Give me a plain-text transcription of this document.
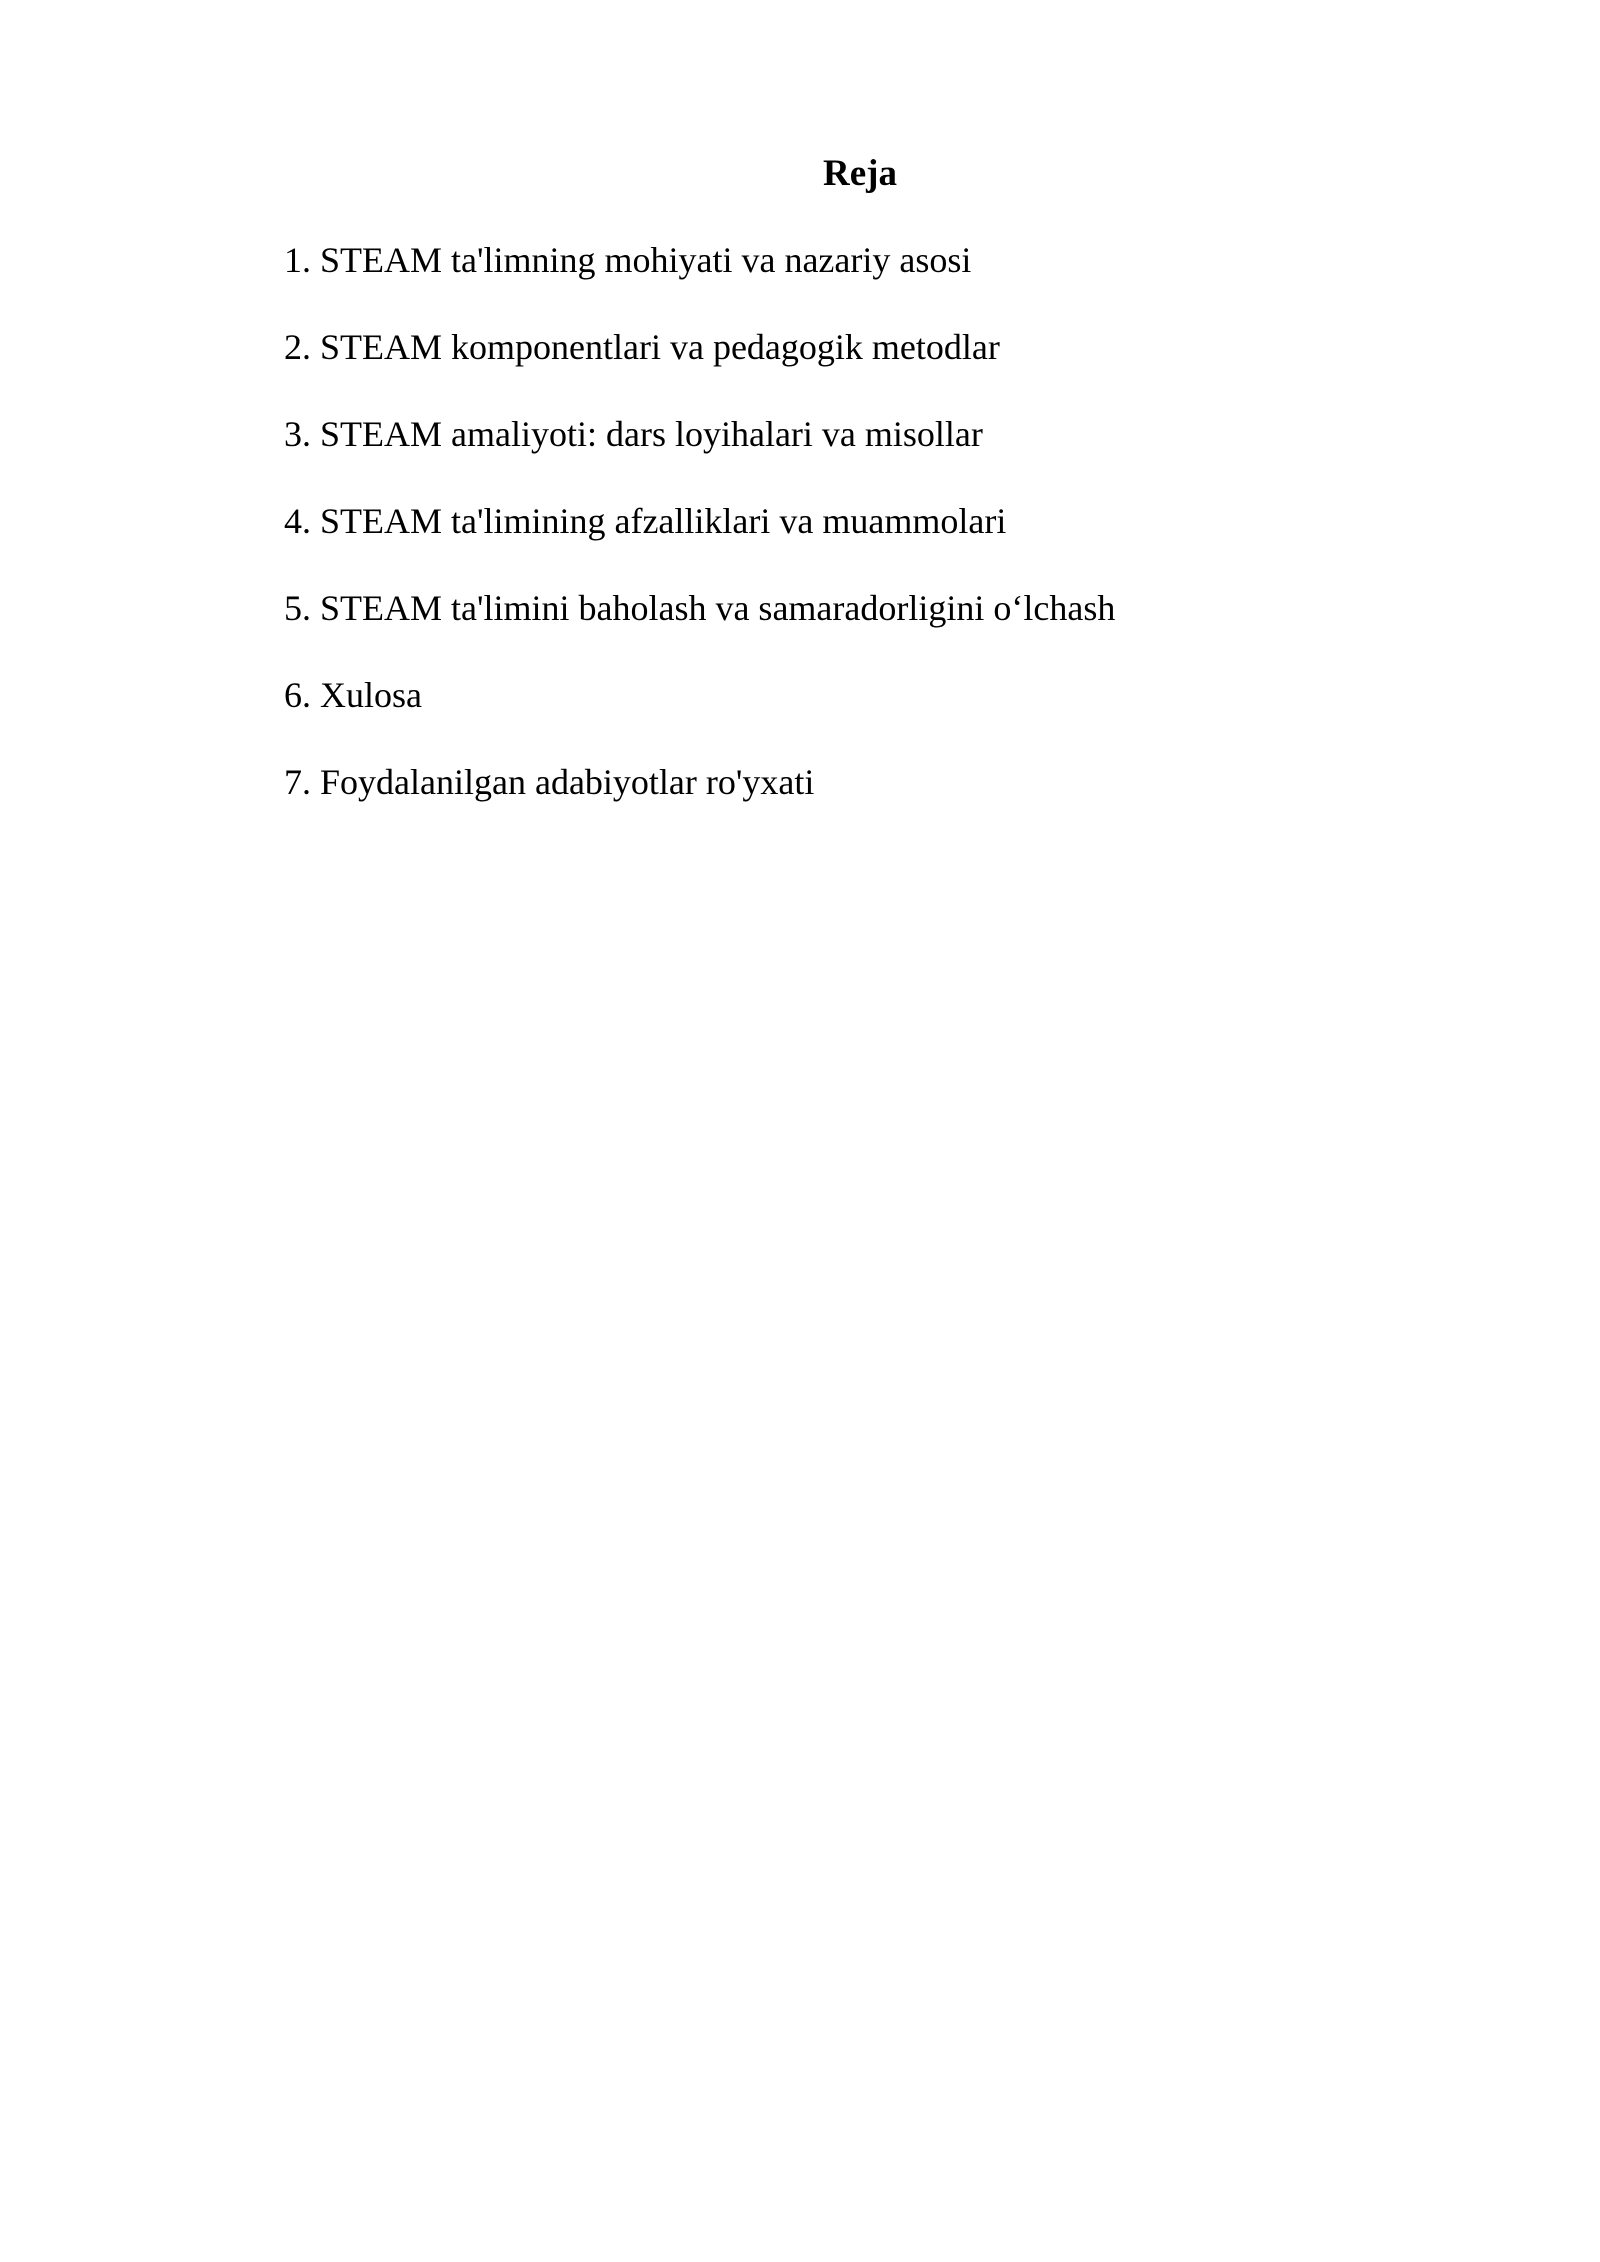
Reja
1. STEAM ta'limning mohiyati va nazariy asosi
2. STEAM komponentlari va pedagogik metodlar
3. STEAM amaliyoti: dars loyihalari va misollar
4. STEAM ta'limining afzalliklari va muammolari
5. STEAM ta'limini baholash va samaradorligini o‘lchash
6. Xulosa
7. Foydalanilgan adabiyotlar ro'yxati
